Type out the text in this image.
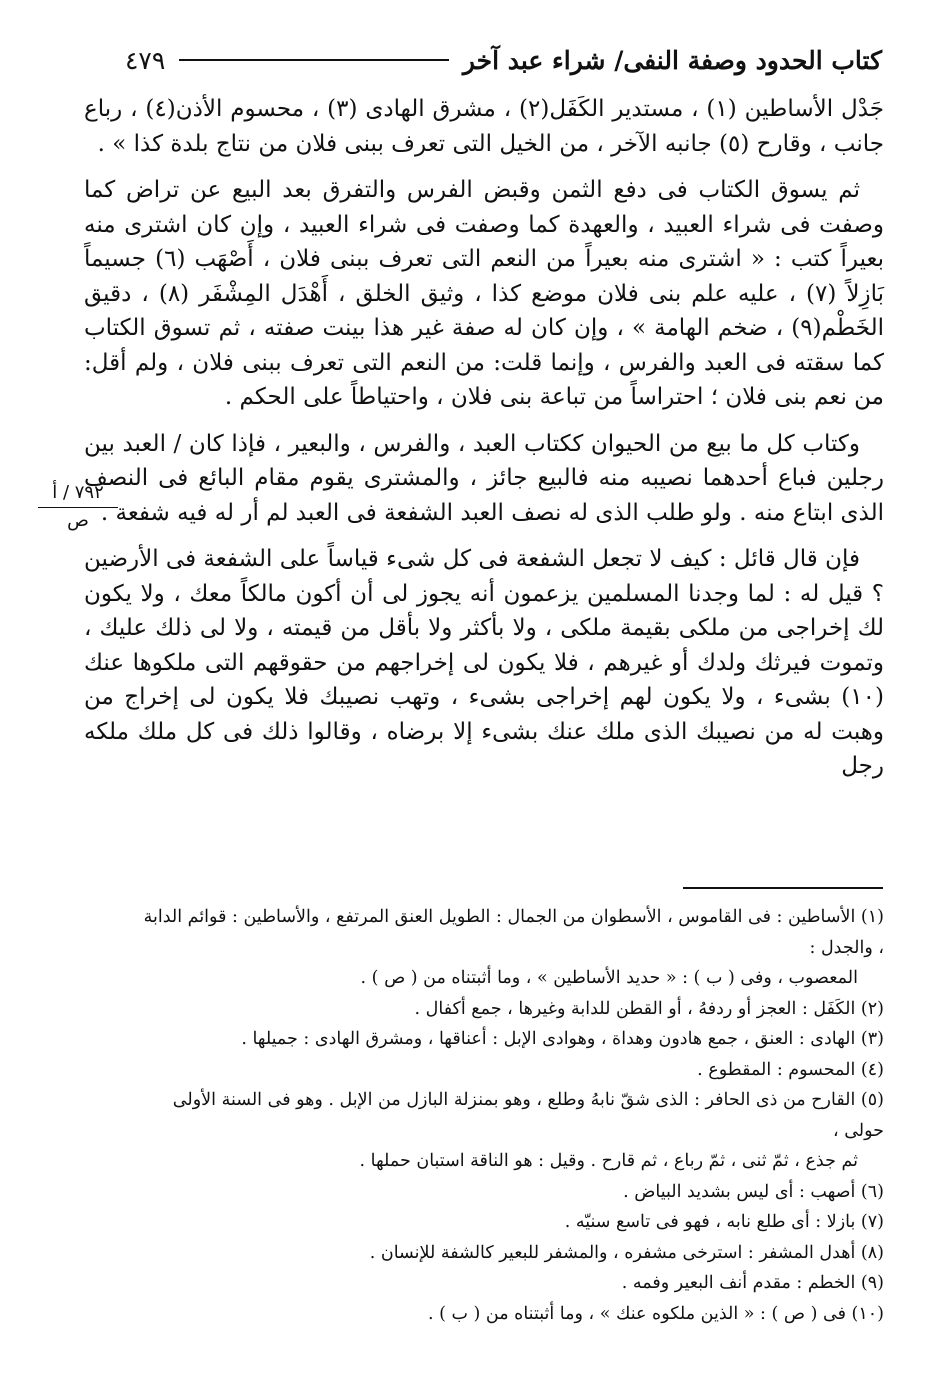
كتاب الحدود وصفة النفى/ شراء عبد آخر
٤٧٩

جَدْل الأساطين (١) ، مستدير الكَفَل(٢) ، مشرق الهادى (٣) ، محسوم الأذن(٤) ، رباع جانب ، وقارح (٥) جانبه الآخر ، من الخيل التى تعرف ببنى فلان من نتاج بلدة كذا » .

ثم يسوق الكتاب فى دفع الثمن وقبض الفرس والتفرق بعد البيع عن تراض كما وصفت فى شراء العبيد ، والعهدة كما وصفت فى شراء العبيد ، وإن كان اشترى منه بعيراً كتب : « اشترى منه بعيراً من النعم التى تعرف ببنى فلان ، أَصْهَب (٦) جسيماً بَازِلاً (٧) ، عليه علم بنى فلان موضع كذا ، وثيق الخلق ، أَهْدَل المِشْفَر (٨) ، دقيق الخَطْم(٩) ، ضخم الهامة » ، وإن كان له صفة غير هذا بينت صفته ، ثم تسوق الكتاب كما سقته فى العبد والفرس ، وإنما قلت: من النعم التى تعرف ببنى فلان ، ولم أقل: من نعم بنى فلان ؛ احتراساً من تباعة بنى فلان ، واحتياطاً على الحكم .

وكتاب كل ما بيع من الحيوان ككتاب العبد ، والفرس ، والبعير ، فإذا كان / العبد بين رجلين فباع أحدهما نصيبه منه فالبيع جائز ، والمشترى يقوم مقام البائع فى النصف الذى ابتاع منه . ولو طلب الذى له نصف العبد الشفعة فى العبد لم أر له فيه شفعة .

فإن قال قائل : كيف لا تجعل الشفعة فى كل شىء قياساً على الشفعة فى الأرضين ؟ قيل له : لما وجدنا المسلمين يزعمون أنه يجوز لى أن أكون مالكاً معك ، ولا يكون لك إخراجى من ملكى بقيمة ملكى ، ولا بأكثر ولا بأقل من قيمته ، ولا لى ذلك عليك ، وتموت فيرثك ولدك أو غيرهم ، فلا يكون لى إخراجهم من حقوقهم التى ملكوها عنك (١٠) بشىء ، ولا يكون لهم إخراجى بشىء ، وتهب نصيبك فلا يكون لى إخراج من وهبت له من نصيبك الذى ملك عنك بشىء إلا برضاه ، وقالوا ذلك فى كل ملك ملكه رجل

٧٩٢ / أ
ص

(١) الأساطين : فى القاموس ، الأسطوان من الجمال : الطويل العنق المرتفع ، والأساطين : قوائم الدابة ، والجدل :
المعصوب ، وفى ( ب ) : « حديد الأساطين » ، وما أثبتناه من ( ص ) .

(٢) الكَفَل : العجز أو ردفهُ ، أو القطن للدابة وغيرها ، جمع أكفال .

(٣) الهادى : العنق ، جمع هادون وهداة ، وهوادى الإبل : أعناقها ، ومشرق الهادى : جميلها .

(٤) المحسوم : المقطوع .

(٥) القارح من ذى الحافر : الذى شقّ نابهُ وطلع ، وهو بمنزلة البازل من الإبل . وهو فى السنة الأولى حولى ،
ثم جذع ، ثمّ ثنى ، ثمّ رباع ، ثم قارح . وقيل : هو الناقة استبان حملها .

(٦) أصهب : أى ليس بشديد البياض .

(٧) بازلا : أى طلع نابه ، فهو فى تاسع سنيّه .

(٨) أهدل المشفر : استرخى مشفره ، والمشفر للبعير كالشفة للإنسان .

(٩) الخطم : مقدم أنف البعير وفمه .

(١٠) فى ( ص ) : « الذين ملكوه عنك » ، وما أثبتناه من ( ب ) .
